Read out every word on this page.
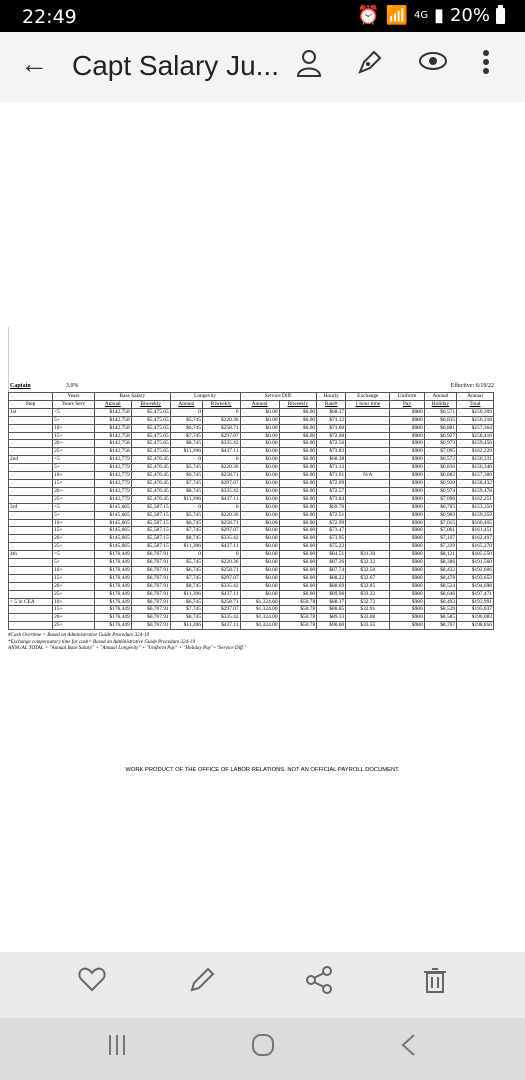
22:49	⏰ 📶 4G ▮ 20%
← Capt Salary Ju...
Captain	3.0%	Effective: 6/19/22
	Years	Base Salary		Longevity		Service Diff.		Hourly	Exchange	Uniform	Annual	Annual
Step	Years Serv	Annual	Biweekly	Annual	Biweekly	Annual	Biweekly	Rate#	1 hour time	Pay	Holiday	Total
1st	<5	$142,758	$5,475.65	0	0	$0.00	$0.00	$68.37		$980	$6,571	$150,309
	5+	$142,758	$5,475.65	$5,745	$220.36	$0.00	$0.00	$71.12		$980	$6,835	$156,318
	10+	$142,758	$5,475.65	$6,745	$258.71	$0.00	$0.00	$71.60		$980	$6,881	$157,364
	15+	$142,758	$5,475.65	$7,745	$297.07	$0.00	$0.00	$72.08		$980	$6,927	$158,410
	20+	$142,758	$5,475.65	$8,745	$335.42	$0.00	$0.00	$72.56		$980	$6,973	$159,456
	25+	$142,758	$5,475.65	$11,396	$437.11	$0.00	$0.00	$73.83		$980	$7,095	$162,229
2nd	<5	$142,779	$5,476.45	0	0	$0.00	$0.00	$68.38		$980	$6,572	$150,331
	5+	$142,779	$5,476.45	$5,745	$220.36	$0.00	$0.00	$71.13		$980	$6,836	$156,340
	10+	$142,779	$5,476.45	$6,745	$258.71	$0.00	$0.00	$71.61	N/A	$980	$6,882	$157,386
	15+	$142,779	$5,476.45	$7,745	$297.07	$0.00	$0.00	$72.09		$980	$6,928	$158,432
	20+	$142,779	$5,476.45	$8,745	$335.42	$0.00	$0.00	$72.57		$980	$6,974	$159,478
	25+	$142,779	$5,476.45	$11,396	$437.11	$0.00	$0.00	$73.84		$980	$7,096	$162,251
3rd	<5	$145,665	$5,587.15	0	0	$0.00	$0.00	$69.76		$980	$6,705	$153,350
	5+	$145,665	$5,587.15	$5,745	$220.36	$0.00	$0.00	$72.51		$980	$6,969	$159,359
	10+	$145,665	$5,587.15	$6,745	$258.71	$0.00	$0.00	$72.99		$980	$7,015	$160,405
	15+	$145,665	$5,587.15	$7,745	$297.07	$0.00	$0.00	$73.47		$980	$7,061	$161,451
	20+	$145,665	$5,587.15	$8,745	$335.42	$0.00	$0.00	$73.95		$980	$7,107	$162,497
	25+	$145,665	$5,587.15	$11,396	$437.11	$0.00	$0.00	$75.22		$980	$7,229	$165,270
4th	<5	$176,449	$6,767.91	0	0	$0.00	$0.00	$84.51	$31.30	$980	$8,121	$185,550
	5+	$176,449	$6,767.91	$5,745	$220.36	$0.00	$0.00	$87.26	$32.32	$980	$8,386	$191,560
	10+	$176,449	$6,767.91	$6,745	$258.71	$0.00	$0.00	$87.74	$32.50	$980	$8,432	$192,606
	15+	$176,449	$6,767.91	$7,745	$297.07	$0.00	$0.00	$88.22	$32.67	$980	$8,478	$193,652
	20+	$176,449	$6,767.91	$8,745	$335.42	$0.00	$0.00	$88.69	$32.85	$980	$8,524	$194,698
	25+	$176,449	$6,767.91	$11,396	$437.11	$0.00	$0.00	$89.96	$33.32	$980	$8,646	$197,471
> 5 in CEA	10+	$176,449	$6,767.91	$6,745	$258.71	$1,324.00	$50.78	$88.37	$32.73	$980	$8,493	$193,991
	15+	$176,449	$6,767.91	$7,745	$297.07	$1,324.00	$50.78	$88.85	$32.91	$980	$8,539	$195,037
	20+	$176,449	$6,767.91	$8,745	$335.42	$1,324.00	$50.78	$89.33	$33.08	$980	$8,585	$196,083
	25+	$176,449	$6,767.91	$11,396	$437.11	$1,324.00	$50.78	$90.60	$33.55	$980	$8,707	$198,856
#Cash Overtime = Based on Administrative Guide Procedure 324-19
*Exchange compensatory time for cash= Based on Administrative Guide Procedure 324-19
ANNUAL TOTAL = "Annual Base Salary" + "Annual Longevity" + "Uniform Pay" + "Holiday Pay"+"Service Diff."
WORK PRODUCT OF THE OFFICE OF LABOR RELATIONS. NOT AN OFFICIAL PAYROLL DOCUMENT.
